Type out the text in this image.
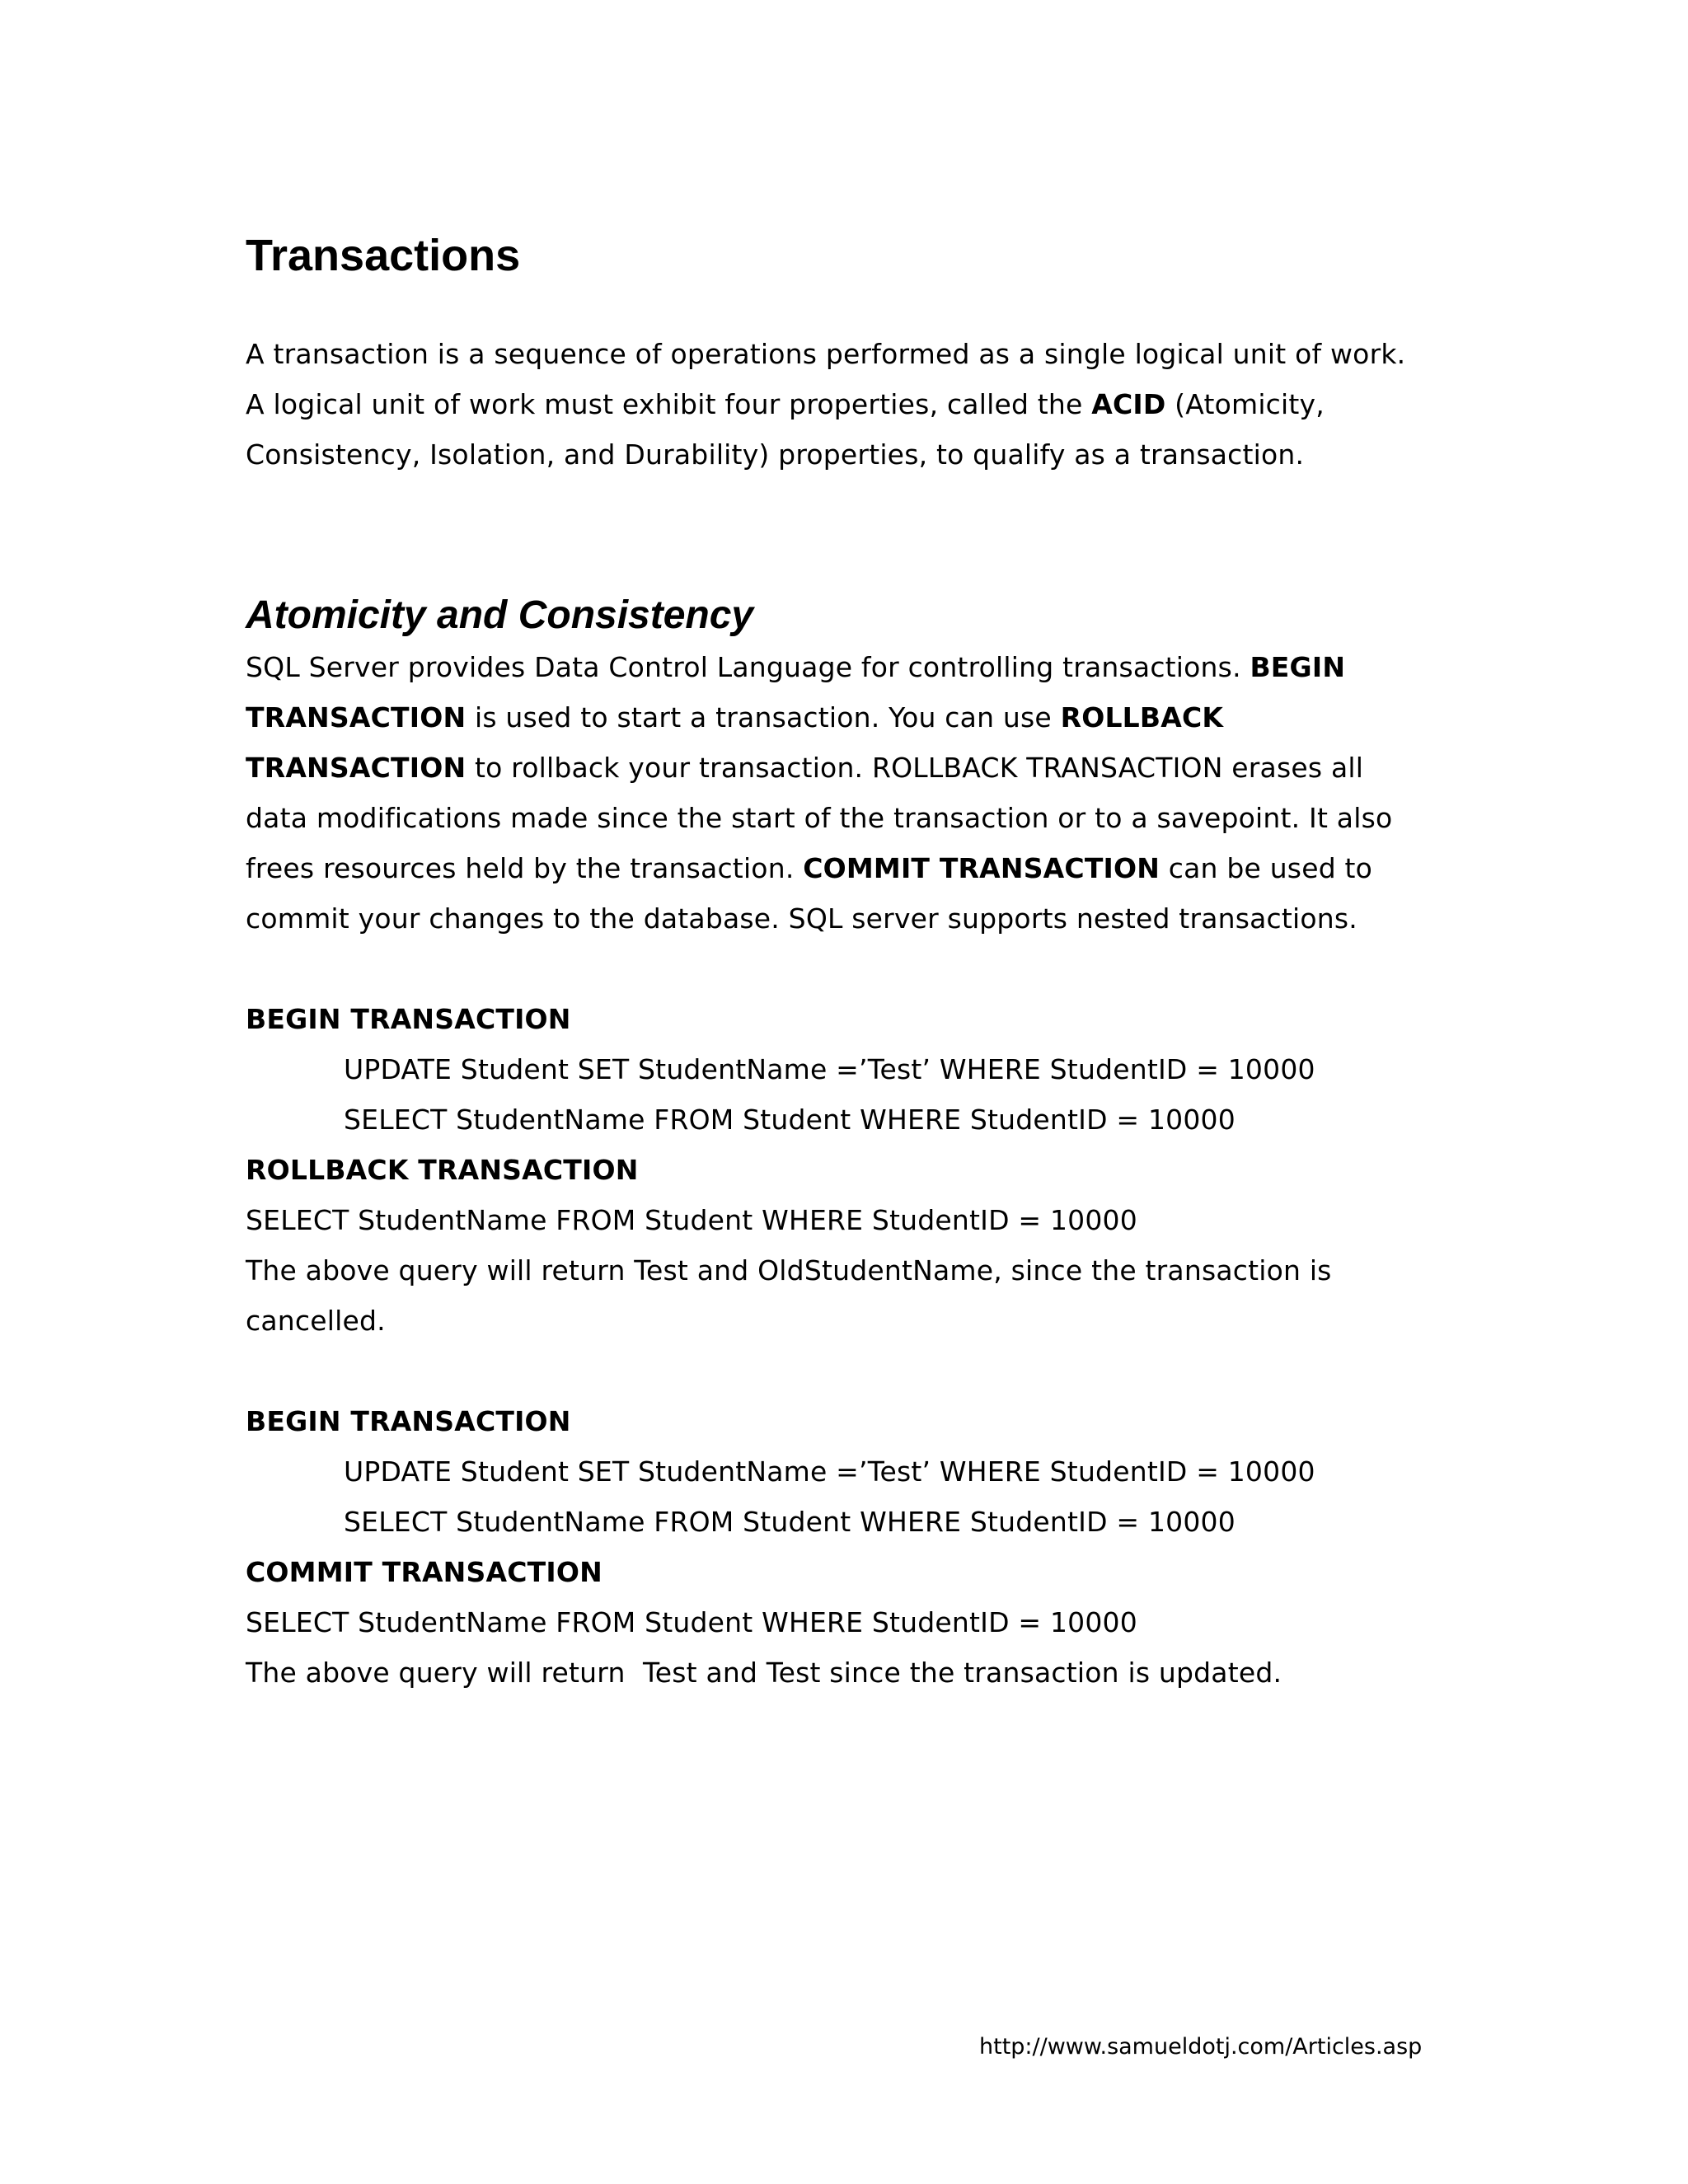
Transactions

A transaction is a sequence of operations performed as a single logical unit of work.

A logical unit of work must exhibit four properties, called the ACID (Atomicity,

Consistency, Isolation, and Durability) properties, to qualify as a transaction.

Atomicity and Consistency

SQL Server provides Data Control Language for controlling transactions. BEGIN

TRANSACTION is used to start a transaction. You can use ROLLBACK

TRANSACTION to rollback your transaction. ROLLBACK TRANSACTION erases all

data modifications made since the start of the transaction or to a savepoint. It also

frees resources held by the transaction. COMMIT TRANSACTION can be used to

commit your changes to the database. SQL server supports nested transactions.

BEGIN TRANSACTION

UPDATE Student SET StudentName =’Test’ WHERE StudentID = 10000

SELECT StudentName FROM Student WHERE StudentID = 10000

ROLLBACK TRANSACTION

SELECT StudentName FROM Student WHERE StudentID = 10000

The above query will return Test and OldStudentName, since the transaction is

cancelled.

BEGIN TRANSACTION

UPDATE Student SET StudentName =’Test’ WHERE StudentID = 10000

SELECT StudentName FROM Student WHERE StudentID = 10000

COMMIT TRANSACTION

SELECT StudentName FROM Student WHERE StudentID = 10000

The above query will return  Test and Test since the transaction is updated.

http://www.samueldotj.com/Articles.asp
